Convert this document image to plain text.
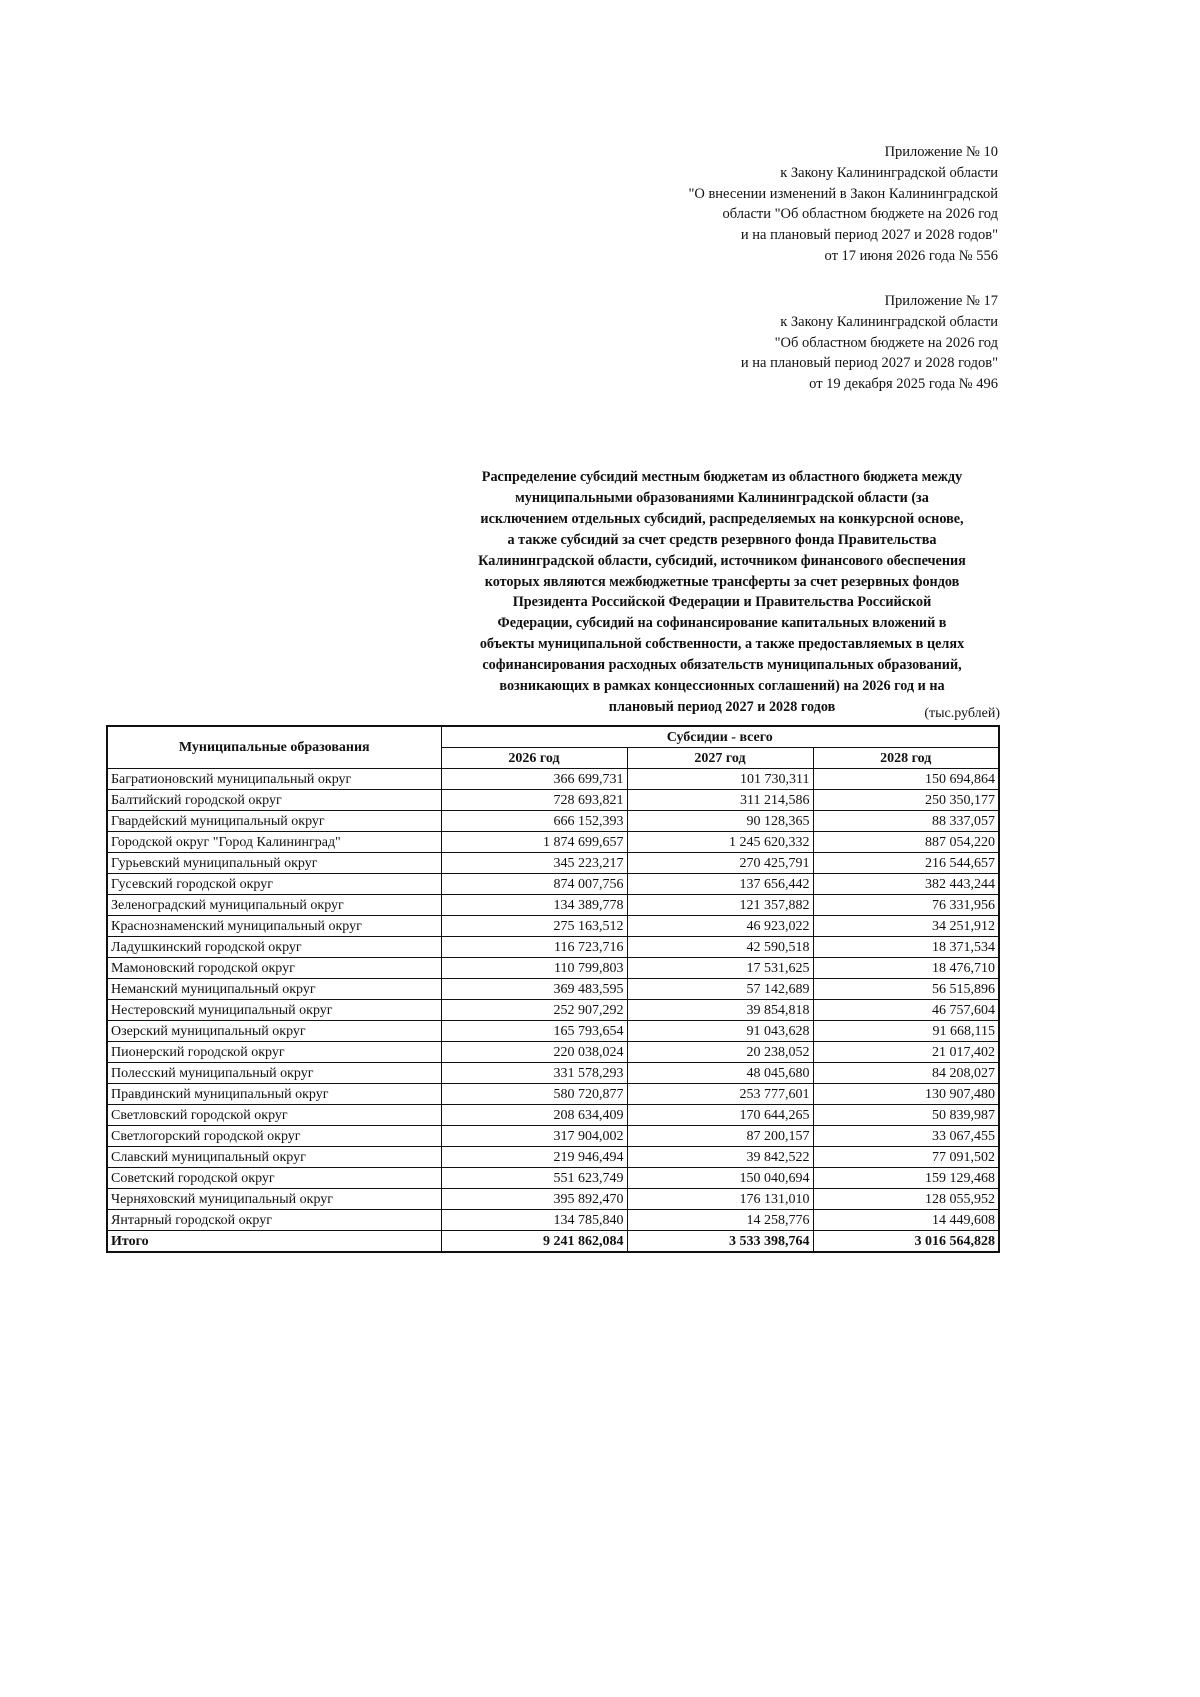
Приложение № 10
к Закону Калининградской области
"О внесении изменений в Закон Калининградской
области "Об областном бюджете на 2026 год
и на плановый период 2027 и 2028 годов"
от 17 июня 2026 года № 556
Приложение № 17
к Закону Калининградской области
"Об областном бюджете на 2026 год
и на плановый период 2027 и 2028 годов"
от 19 декабря 2025 года № 496
Распределение субсидий местным бюджетам из областного бюджета между
муниципальными образованиями Калининградской области (за
исключением отдельных субсидий, распределяемых на конкурсной основе,
а также субсидий за счет средств резервного фонда Правительства
Калининградской области, субсидий, источником финансового обеспечения
которых являются межбюджетные трансферты за счет резервных фондов
Президента Российской Федерации и Правительства Российской
Федерации, субсидий на софинансирование капитальных вложений в
объекты муниципальной собственности, а также предоставляемых в целях
софинансирования расходных обязательств муниципальных образований,
возникающих в рамках концессионных соглашений) на 2026 год и на
плановый период 2027 и 2028 годов	(тыс.рублей)
Муниципальные образования	Субсидии - всего		
	2026 год	2027 год	2028 год
Багратионовский муниципальный округ	366 699,731	101 730,311	150 694,864
Балтийский городской округ	728 693,821	311 214,586	250 350,177
Гвардейский муниципальный округ	666 152,393	90 128,365	88 337,057
Городской округ "Город Калининград"	1 874 699,657	1 245 620,332	887 054,220
Гурьевский муниципальный округ	345 223,217	270 425,791	216 544,657
Гусевский городской округ	874 007,756	137 656,442	382 443,244
Зеленоградский муниципальный округ	134 389,778	121 357,882	76 331,956
Краснознаменский муниципальный округ	275 163,512	46 923,022	34 251,912
Ладушкинский городской округ	116 723,716	42 590,518	18 371,534
Мамоновский городской округ	110 799,803	17 531,625	18 476,710
Неманский муниципальный округ	369 483,595	57 142,689	56 515,896
Нестеровский муниципальный округ	252 907,292	39 854,818	46 757,604
Озерский муниципальный округ	165 793,654	91 043,628	91 668,115
Пионерский городской округ	220 038,024	20 238,052	21 017,402
Полесский муниципальный округ	331 578,293	48 045,680	84 208,027
Правдинский муниципальный округ	580 720,877	253 777,601	130 907,480
Светловский городской округ	208 634,409	170 644,265	50 839,987
Светлогорский городской округ	317 904,002	87 200,157	33 067,455
Славский муниципальный округ	219 946,494	39 842,522	77 091,502
Советский городской округ	551 623,749	150 040,694	159 129,468
Черняховский муниципальный округ	395 892,470	176 131,010	128 055,952
Янтарный городской округ	134 785,840	14 258,776	14 449,608
Итого	9 241 862,084	3 533 398,764	3 016 564,828
